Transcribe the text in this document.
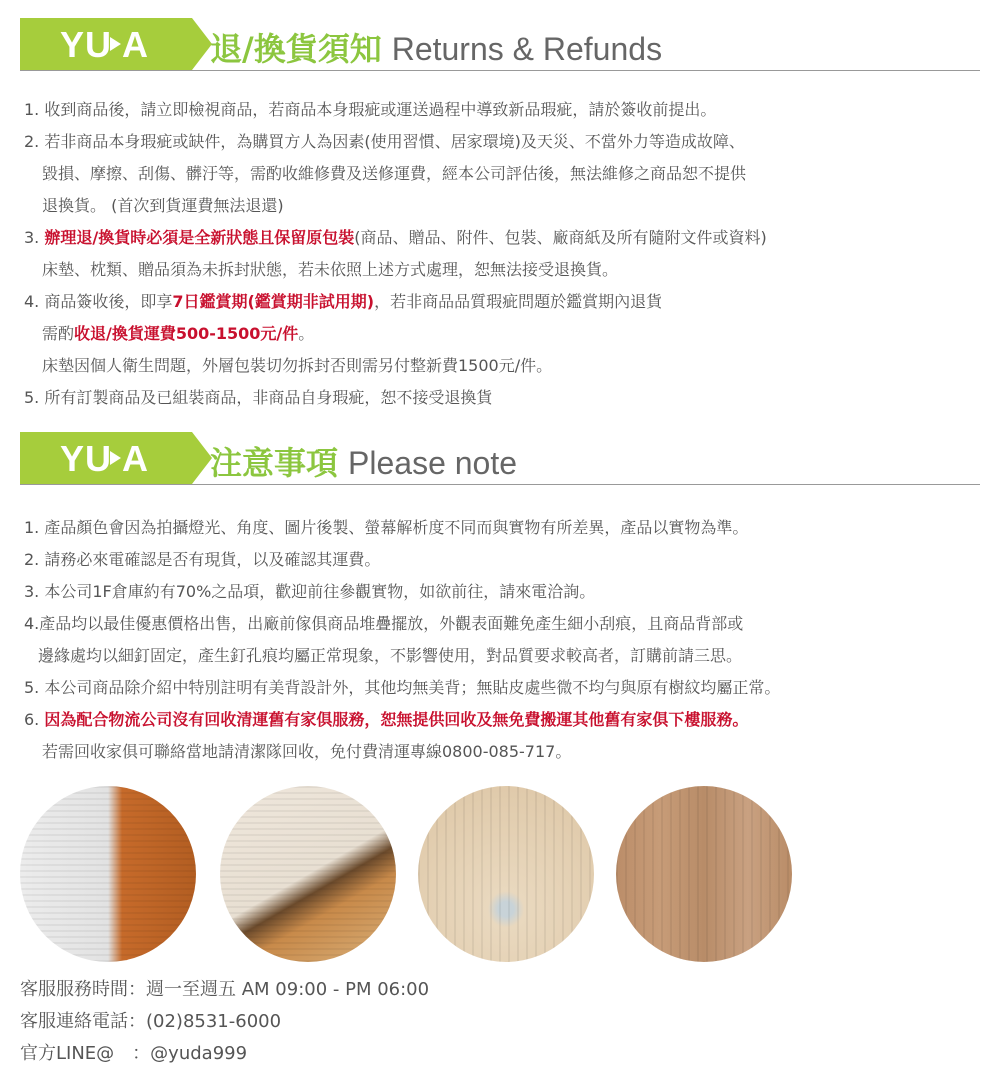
YU A 退/換貨須知 Returns & Refunds

1. 收到商品後，請立即檢視商品，若商品本身瑕疵或運送過程中導致新品瑕疵，請於簽收前提出。

2. 若非商品本身瑕疵或缺件，為購買方人為因素(使用習慣、居家環境)及天災、不當外力等造成故障、

毀損、摩擦、刮傷、髒汙等，需酌收維修費及送修運費，經本公司評估後，無法維修之商品恕不提供

退換貨。 (首次到貨運費無法退還)

3. 辦理退/換貨時必須是全新狀態且保留原包裝(商品、贈品、附件、包裝、廠商紙及所有隨附文件或資料)

床墊、枕類、贈品須為未拆封狀態，若未依照上述方式處理，恕無法接受退換貨。

4. 商品簽收後，即享7日鑑賞期(鑑賞期非試用期)，若非商品品質瑕疵問題於鑑賞期內退貨

需酌收退/換貨運費500-1500元/件。

床墊因個人衛生問題，外層包裝切勿拆封否則需另付整新費1500元/件。

5. 所有訂製商品及已組裝商品，非商品自身瑕疵，恕不接受退換貨

YU A 注意事項 Please note

1. 產品顏色會因為拍攝燈光、角度、圖片後製、螢幕解析度不同而與實物有所差異，產品以實物為準。

2. 請務必來電確認是否有現貨，以及確認其運費。

3. 本公司1F倉庫約有70%之品項，歡迎前往參觀實物，如欲前往，請來電洽詢。

4.產品均以最佳優惠價格出售，出廠前傢俱商品堆疊擺放，外觀表面難免產生細小刮痕，且商品背部或

邊緣處均以細釘固定，產生釘孔痕均屬正常現象，不影響使用，對品質要求較高者，訂購前請三思。

5. 本公司商品除介紹中特別註明有美背設計外，其他均無美背；無貼皮處些微不均勻與原有樹紋均屬正常。

6. 因為配合物流公司沒有回收清運舊有家俱服務，恕無提供回收及無免費搬運其他舊有家俱下樓服務。

若需回收家俱可聯絡當地請清潔隊回收，免付費清運專線0800-085-717。

客服服務時間：週一至週五 AM 09:00 - PM 06:00

客服連絡電話：(02)8531-6000

官方LINE@　：@yuda999
